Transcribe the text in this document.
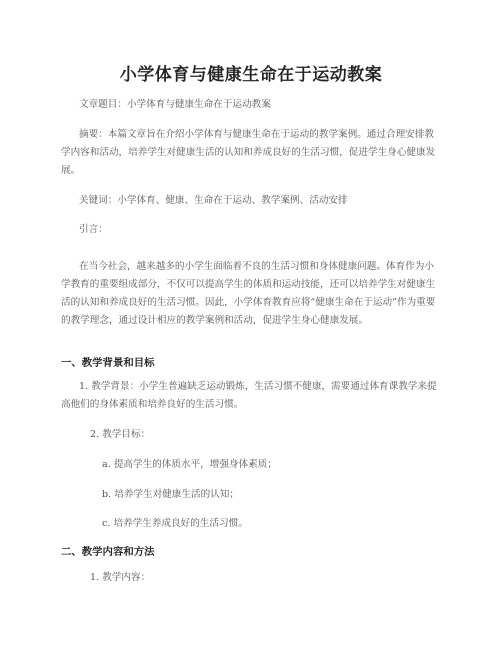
小学体育与健康生命在于运动教案

文章题目：小学体育与健康生命在于运动教案

摘要：本篇文章旨在介绍小学体育与健康生命在于运动的教学案例。通过合理安排教学内容和活动，培养学生对健康生活的认知和养成良好的生活习惯，促进学生身心健康发展。

关键词：小学体育、健康、生命在于运动、教学案例、活动安排

引言：

在当今社会，越来越多的小学生面临着不良的生活习惯和身体健康问题。体育作为小学教育的重要组成部分，不仅可以提高学生的体质和运动技能，还可以培养学生对健康生活的认知和养成良好的生活习惯。因此，小学体育教育应将“健康生命在于运动”作为重要的教学理念，通过设计相应的教学案例和活动，促进学生身心健康发展。

一、教学背景和目标

1. 教学背景：小学生普遍缺乏运动锻炼，生活习惯不健康，需要通过体育课教学来提高他们的身体素质和培养良好的生活习惯。

2. 教学目标：
a. 提高学生的体质水平，增强身体素质；
b. 培养学生对健康生活的认知；
c. 培养学生养成良好的生活习惯。
二、教学内容和方法
1. 教学内容：
